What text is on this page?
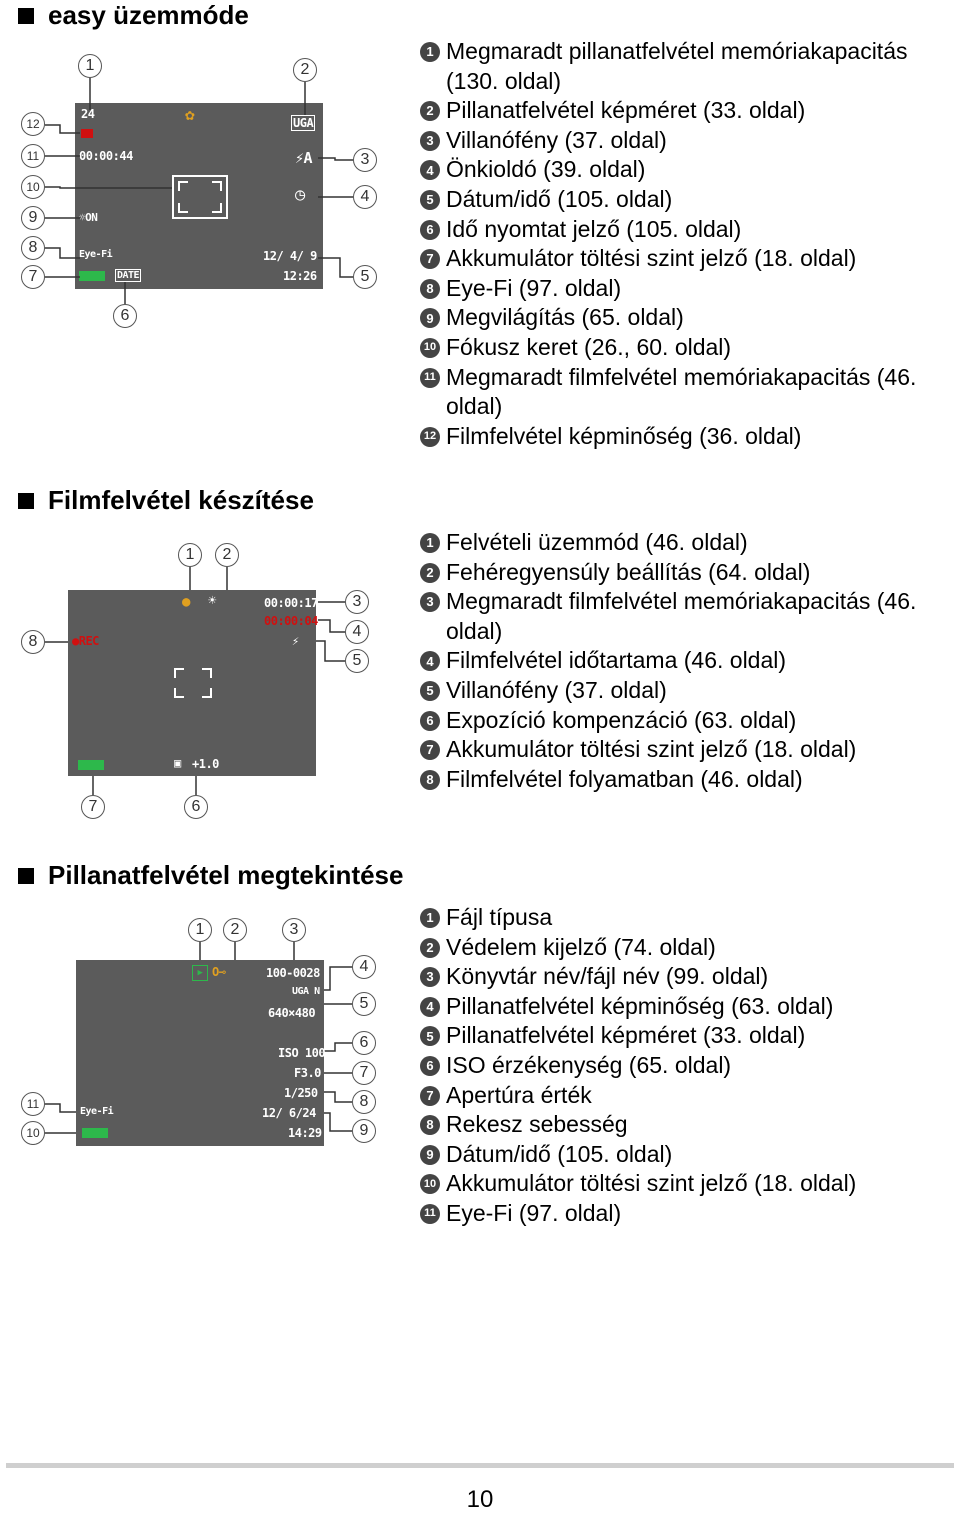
easy üzemmóde
24	✿
00:00:44
UGA
⚡A
◷
☼ON
Eye-Fi
DATE
12/ 4/ 9
12:26
1	2
3
4
5
6
7
8
9
10
11
12
1 Megmaradt pillanatfelvétel memóriakapacitás (130. oldal)
2 Pillanatfelvétel képméret (33. oldal)
3 Villanófény (37. oldal)
4 Önkioldó (39. oldal)
5 Dátum/idő (105. oldal)
6 Idő nyomtat jelző (105. oldal)
7 Akkumulátor töltési szint jelző (18. oldal)
8 Eye-Fi (97. oldal)
9 Megvilágítás (65. oldal)
10 Fókusz keret (26., 60. oldal)
11 Megmaradt filmfelvétel memóriakapacitás (46. oldal)
12 Filmfelvétel képminőség (36. oldal)
Filmfelvétel készítése
● ☀	00:00:17
00:00:04
⚡
●REC
▣ +1.0
1	2
3
4
5
6
7
8
1 Felvételi üzemmód (46. oldal)
2 Fehéregyensúly beállítás (64. oldal)
3 Megmaradt filmfelvétel memóriakapacitás (46. oldal)
4 Filmfelvétel időtartama (46. oldal)
5 Villanófény (37. oldal)
6 Expozíció kompenzáció (63. oldal)
7 Akkumulátor töltési szint jelző (18. oldal)
8 Filmfelvétel folyamatban (46. oldal)
Pillanatfelvétel megtekintése
▶ O⊸	100-0028
UGA N
640×480
ISO 100
F3.0
1/250
12/ 6/24
14:29
Eye-Fi
1	2	3
4
5
6
7
8
9
10
11
1 Fájl típusa
2 Védelem kijelző (74. oldal)
3 Könyvtár név/fájl név (99. oldal)
4 Pillanatfelvétel képminőség (63. oldal)
5 Pillanatfelvétel képméret (33. oldal)
6 ISO érzékenység (65. oldal)
7 Apertúra érték
8 Rekesz sebesség
9 Dátum/idő (105. oldal)
10 Akkumulátor töltési szint jelző (18. oldal)
11 Eye-Fi (97. oldal)
10
